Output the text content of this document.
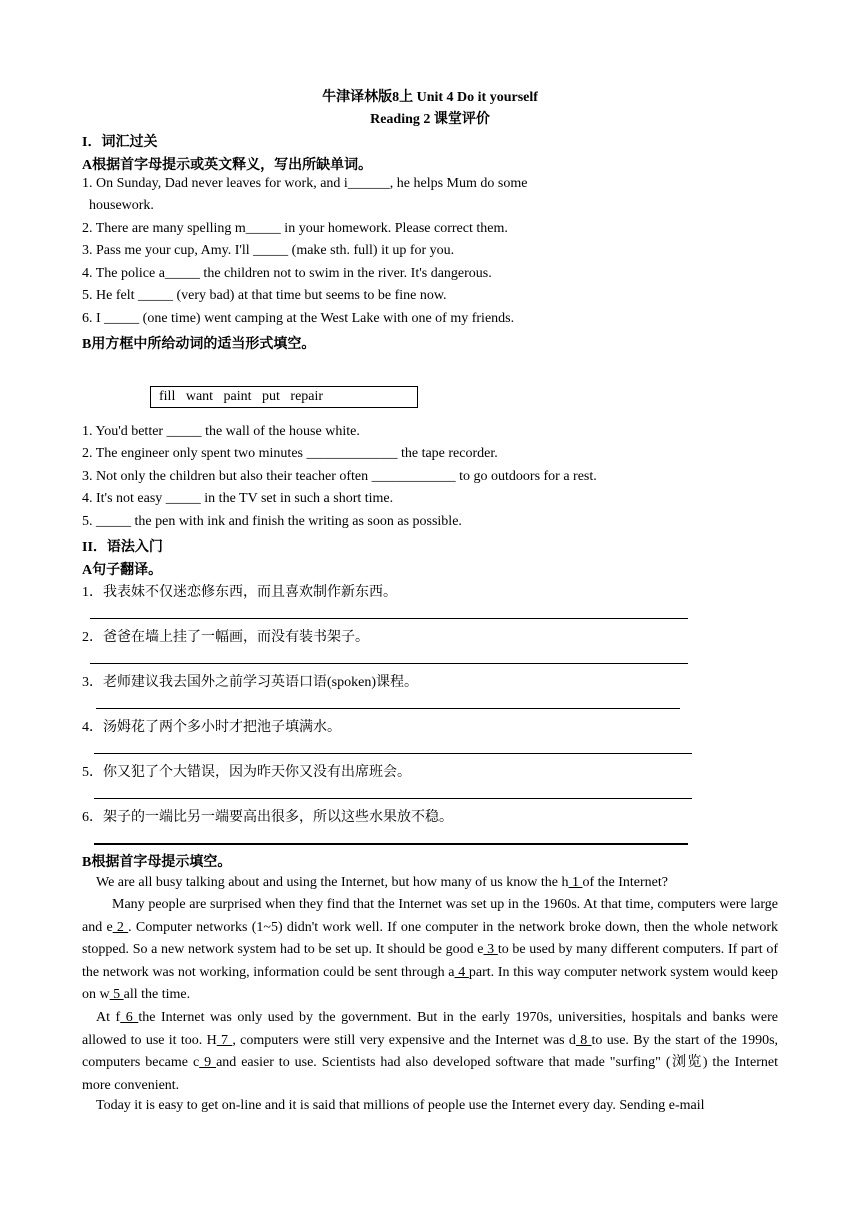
牛津译林版8上 Unit 4 Do it yourself
Reading 2 课堂评价
I．词汇过关
A根据首字母提示或英文释义，写出所缺单词。
1. On Sunday, Dad never leaves for work, and i______, he helps Mum do some
housework.
2. There are many spelling m_____ in your homework. Please correct them.
3. Pass me your cup, Amy. I'll _____ (make sth. full) it up for you.
4. The police a_____ the children not to swim in the river. It's dangerous.
5. He felt _____ (very bad) at that time but seems to be fine now.
6. I _____ (one time) went camping at the West Lake with one of my friends.
B用方框中所给动词的适当形式填空。
fill   want   paint   put   repair
1. You'd better _____ the wall of the house white.
2. The engineer only spent two minutes _____________ the tape recorder.
3. Not only the children but also their teacher often ____________ to go outdoors for a rest.
4. It's not easy _____ in the TV set in such a short time.
5. _____ the pen with ink and finish the writing as soon as possible.
II．语法入门
A句子翻译。
1．我表妹不仅迷恋修东西，而且喜欢制作新东西。
2．爸爸在墙上挂了一幅画，而没有装书架子。
3．老师建议我去国外之前学习英语口语(spoken)课程。
4．汤姆花了两个多小时才把池子填满水。
5．你又犯了个大错误，因为昨天你又没有出席班会。
6．架子的一端比另一端要高出很多，所以这些水果放不稳。
B根据首字母提示填空。
We are all busy talking about and using the Internet, but how many of us know the h 1 of the Internet?
Many people are surprised when they find that the Internet was set up in the 1960s. At that time, computers were large and e 2 . Computer networks (1~5) didn't work well. If one computer in the network broke down, then the whole network stopped. So a new network system had to be set up. It should be good e 3 to be used by many different computers. If part of the network was not working, information could be sent through a 4 part. In this way computer network system would keep on w 5 all the time.
At f 6 the Internet was only used by the government. But in the early 1970s, universities, hospitals and banks were allowed to use it too. H 7 , computers were still very expensive and the Internet was d 8 to use. By the start of the 1990s, computers became c 9 and easier to use. Scientists had also developed software that made "surfing" (浏览) the Internet more convenient.
Today it is easy to get on-line and it is said that millions of people use the Internet every day. Sending e-mail
